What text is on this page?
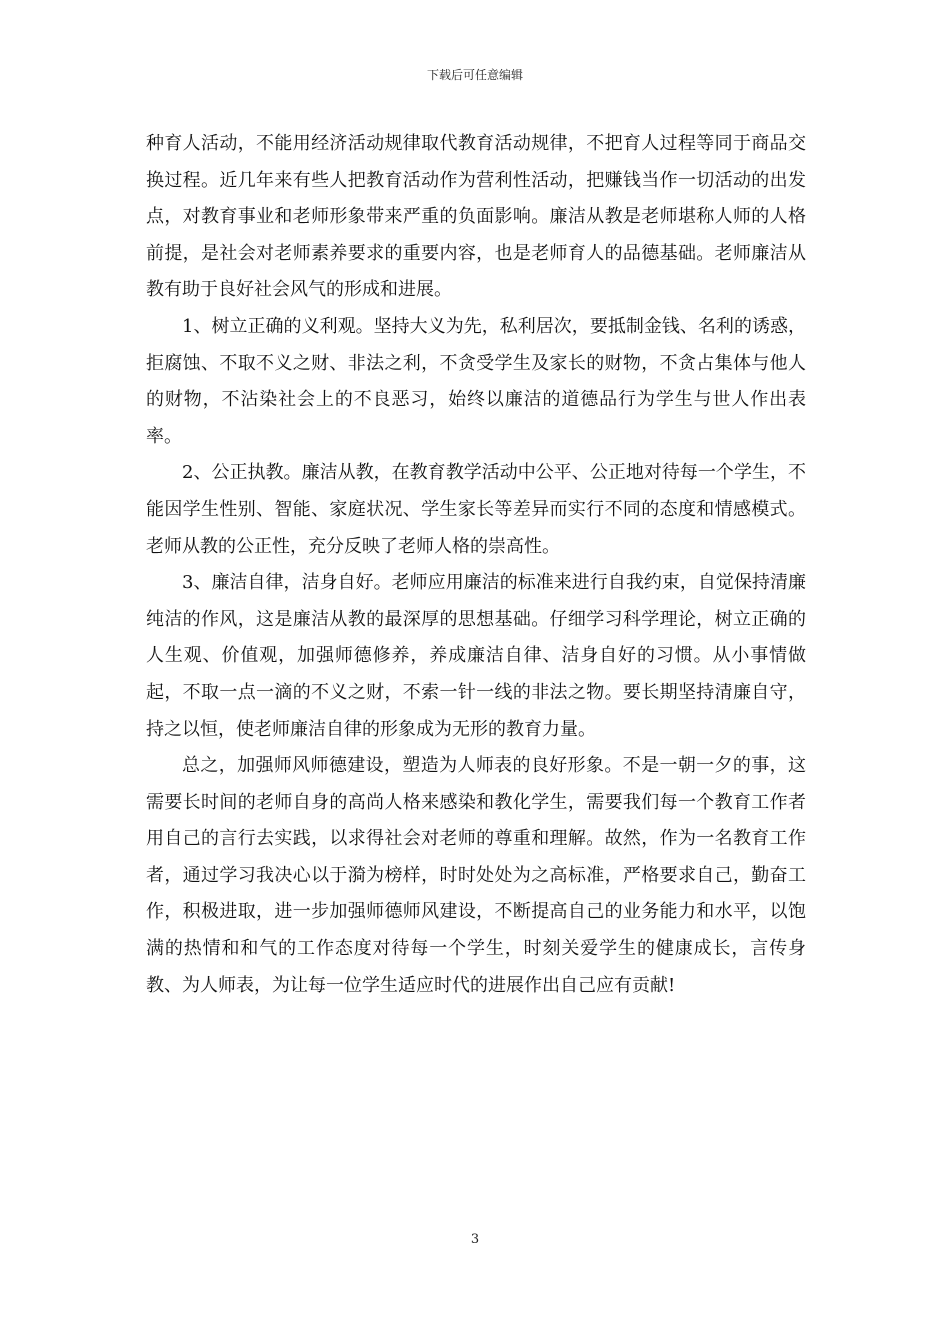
下载后可任意编辑

种育人活动，不能用经济活动规律取代教育活动规律，不把育人过程等同于商品交换过程。近几年来有些人把教育活动作为营利性活动，把赚钱当作一切活动的出发点，对教育事业和老师形象带来严重的负面影响。廉洁从教是老师堪称人师的人格前提，是社会对老师素养要求的重要内容，也是老师育人的品德基础。老师廉洁从教有助于良好社会风气的形成和进展。

1、树立正确的义利观。坚持大义为先，私利居次，要抵制金钱、名利的诱惑，拒腐蚀、不取不义之财、非法之利，不贪受学生及家长的财物，不贪占集体与他人的财物，不沾染社会上的不良恶习，始终以廉洁的道德品行为学生与世人作出表率。

2、公正执教。廉洁从教，在教育教学活动中公平、公正地对待每一个学生，不能因学生性别、智能、家庭状况、学生家长等差异而实行不同的态度和情感模式。老师从教的公正性，充分反映了老师人格的崇高性。

3、廉洁自律，洁身自好。老师应用廉洁的标准来进行自我约束，自觉保持清廉纯洁的作风，这是廉洁从教的最深厚的思想基础。仔细学习科学理论，树立正确的人生观、价值观，加强师德修养，养成廉洁自律、洁身自好的习惯。从小事情做起，不取一点一滴的不义之财，不索一针一线的非法之物。要长期坚持清廉自守，持之以恒，使老师廉洁自律的形象成为无形的教育力量。

总之，加强师风师德建设，塑造为人师表的良好形象。不是一朝一夕的事，这需要长时间的老师自身的高尚人格来感染和教化学生，需要我们每一个教育工作者用自己的言行去实践，以求得社会对老师的尊重和理解。故然，作为一名教育工作者，通过学习我决心以于漪为榜样，时时处处为之高标准，严格要求自己，勤奋工作，积极进取，进一步加强师德师风建设，不断提高自己的业务能力和水平，以饱满的热情和和气的工作态度对待每一个学生，时刻关爱学生的健康成长，言传身教、为人师表，为让每一位学生适应时代的进展作出自己应有贡献!

3
